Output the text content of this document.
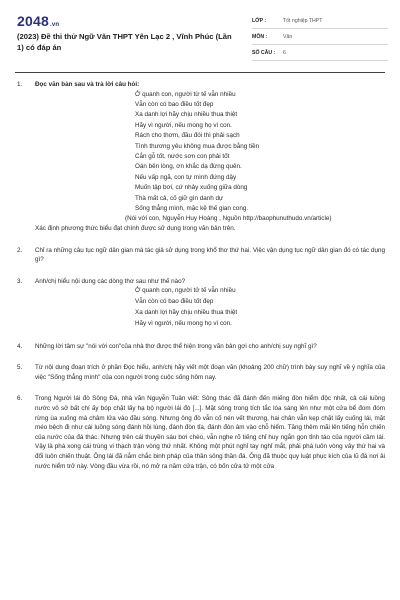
2048.vn
(2023) Đề thi thử Ngữ Văn THPT Yên Lạc 2 , Vĩnh Phúc (Lần 1) có đáp án
LỚP :	Tốt nghiệp THPT
MÔN :	Văn
SỐ CÂU :	6
1. Đọc văn bản sau và trả lời câu hỏi:
Ở quanh con, người từ tế vẫn nhiều
Vẫn còn có bao điều tốt đẹp
Xa danh lợi hãy chịu nhiều thua thiệt
Hãy vì người, nếu mong họ vì con.
Rách cho thơm, đầu đói thì phải sạch
Tình thương yêu không mua được bằng tiền
Cắn gỗ tốt, nước sơn con phải tốt
Oán bên lòng, ơn khắc dạ đừng quên.
Nếu vấp ngã, con tự mình đứng dậy
Muốn tập bơi, cứ nhảy xuống giữa dòng
Thà mất cả, cố giữ gìn danh dự
Sống thẳng mình, mặc kệ thế gian cong.
(Nói với con, Nguyễn Huy Hoàng , Nguồn http://baophunuthudo.vn/article)
Xác định phương thức biểu đạt chính được sử dụng trong văn bản trên.
2. Chỉ ra những câu tục ngữ dân gian mà tác giả sử dụng trong khổ thơ thứ hai. Việc vận dụng tục ngữ dân gian đó có tác dụng gì?
3. Anh/chị hiểu nội dung các dòng thơ sau như thế nào?
Ở quanh con, người tử tế vẫn nhiều
Vẫn còn có bao điều tốt đẹp
Xa danh lợi hãy chịu nhiều thua thiệt
Hãy vì người, nếu mong họ vì con.
4. Những lời tâm sự "nói với con"của nhà thơ được thể hiện trong văn bản gợi cho anh/chị suy nghĩ gì?
5. Từ nội dung đoạn trích ở phần Đọc hiểu, anh/chị hãy viết một đoạn văn (khoảng 200 chữ) trình bày suy nghĩ về ý nghĩa của việc "Sống thẳng mình" của con người trong cuộc sống hôm nay.
6. Trong Người lái đò Sông Đà, nhà văn Nguyễn Tuân viết: Sông thác đã đánh đến miếng đòn hiểm độc nhất, cả cái luồng nước vô sở bất chí ấy bóp chặt lấy hạ bộ người lái đò [...]. Mặt sông trong tích tắc lóa sáng lên như một cửa bể đom đóm rừng ùa xuống mà châm lửa vào đầu sóng. Nhưng ông đò vẫn cố nén vết thương, hai chân vẫn kẹp chặt lấy cuống lái, mặt méo bệch đi như cái luồng sóng đánh hồi lùng, đánh đòn tỉa, đánh đòn âm vào chỗ hiểm. Tăng thêm mãi lên tiếng hỗn chiến của nước của đá thác. Nhưng trên cái thuyền sáu bơi chèo, vẫn nghe rõ tiếng chỉ huy ngắn gọn tỉnh táo của người cầm lái. Vậy là phá xong cái trùng vi thạch trận vòng thứ nhất. Không một phút nghỉ tay nghỉ mắt, phải phá luôn vòng vây thứ hai và đổi luôn chiến thuật. Ông lái đã nắm chắc binh pháp của thần sông thần đá. Ông đã thuộc quy luật phục kích của lũ đá nơi ải nước hiểm trở này. Vòng đầu vừa rồi, nó mở ra năm cửa trận, có bốn cửa tử một cửa
